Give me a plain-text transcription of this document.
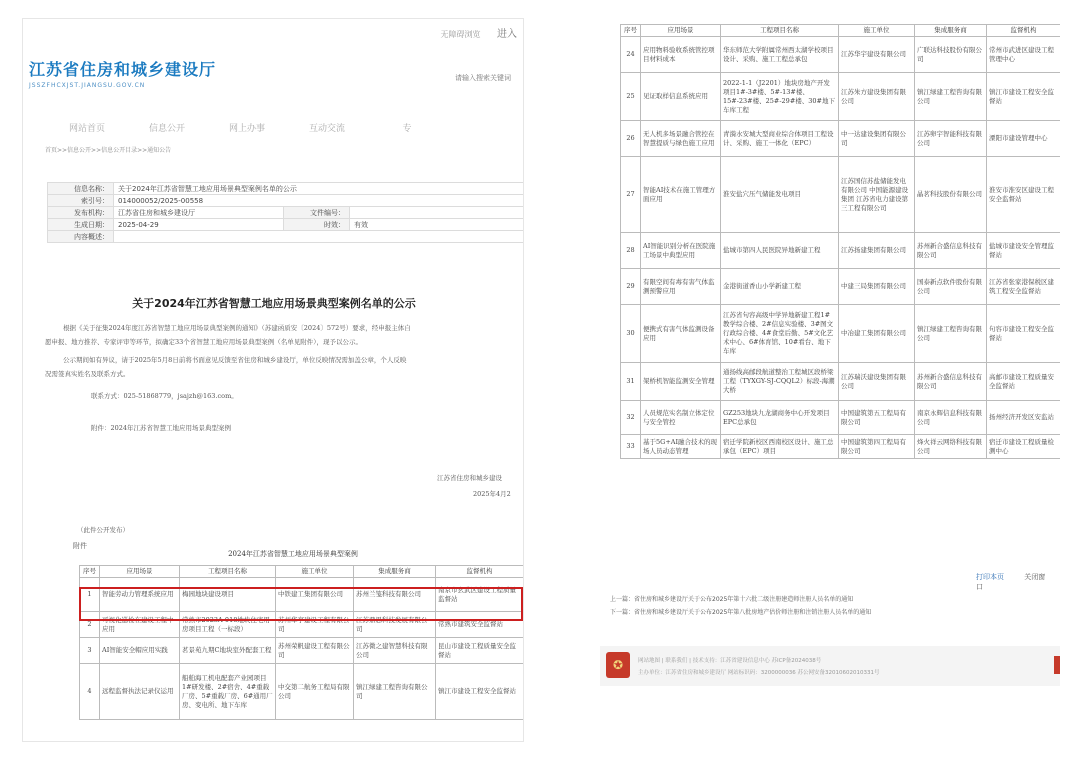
无障碍浏览 进入
江苏省住房和城乡建设厅
JSSZFHCXJST.JIANGSU.GOV.CN
请输入搜索关键词
网站首页	信息公开	网上办事	互动交流	专
首页>>信息公开>>信息公开目录>>通知公告
信息名称：	关于2024年江苏省智慧工地应用场景典型案例名单的公示		
索引号：	014000052/2025-00558		
发布机构：	江苏省住房和城乡建设厅	文件编号：	
生成日期：	2025-04-29	时效：	有效
内容概述：			
关于2024年江苏省智慧工地应用场景典型案例名单的公示
根据《关于征集2024年度江苏省智慧工地应用场景典型案例的通知》（苏建函质安〔2024〕572号）要求，经申报主体自
愿申报、地方推荐、专家评审等环节，拟确定33个省智慧工地应用场景典型案例（名单见附件），现予以公示。
公示期间如有异议，请于2025年5月8日前将书面意见反馈至省住房和城乡建设厅，单位反映情况需加盖公章，个人反映
况需签真实姓名及联系方式。
联系方式：025-51868779，jsajzh@163.com。
附件：2024年江苏省智慧工地应用场景典型案例
江苏省住房和城乡建设
2025年4月2
（此件公开发布）
附件
2024年江苏省智慧工地应用场景典型案例
序号	应用场景	工程项目名称	施工单位	集成服务商	监督机构
1	智能劳动力管理系统应用	梅园地块建设项目	中铁建工集团有限公司	苏州兰笺科技有限公司	南京市玄武区建设工程质量监督站
2	可视化巡检在建设工程中应用	常熟市2023A-018地块住宅用房项目工程（一标段）	苏州华亭建设工程有限公司	江苏鼎思科技发展有限公司	常熟市建筑安全监督站
3	AI智能安全帽应用实践	茗景苑九期C地块室外配套工程	苏州荣帆建设工程有限公司	江苏微之建智慧科技有限公司	昆山市建设工程质量安全监督站
4	远程监督执法记录仪运用	船舶海工机电配套产业园项目1#研发楼、2#宿舍、4#重载厂房、5#重载厂房、6#通用厂房、变电所、地下车库	中交第二航务工程局有限公司	镇江绿建工程咨询有限公司	镇江市建设工程安全监督站
序号	应用场景	工程项目名称	施工单位	集成服务商	监督机构
24	应用物料验收系统管控项目材料成本	华东师范大学附属常州西太湖学校项目设计、采购、施工工程总承包	江苏华宇建设有限公司	广联达科技股份有限公司	常州市武进区建设工程管理中心
25	见证取样信息系统应用	2022-1-1（J2201）地块房地产开发项目1#-3#楼、5#-13#楼、15#-23#楼、25#-29#楼、30#地下车库工程	江苏朱方建设集团有限公司	镇江绿建工程咨询有限公司	镇江市建设工程安全监督站
26	无人机多场景融合管控在智慧提质与绿色施工应用	青漪水安城大型商业综合体项目工程设计、采购、施工一体化（EPC）	中一达建设集团有限公司	江苏卵宇智能科技有限公司	溧阳市建设管理中心
27	智能AI技术在施工管理方面应用	淮安盐穴压气储能发电项目	江苏国信苏盐储能发电有限公司 中国能源建设集团 江苏省电力建设第三工程有限公司	晶茗科技股份有限公司	淮安市淮安区建设工程安全监督站
28	AI智能识别分析在医院施工场景中典型应用	盐城市第四人民医院异地新建工程	江苏扬建集团有限公司	苏州新合盛信息科技有限公司	盐城市建设安全管理监督站
29	有限空间有毒有害气体监测预警应用	金港街道香山小学新建工程	中建三局集团有限公司	国泰新点软件股份有限公司	江苏省张家港保税区建筑工程安全监督站
30	便携式有害气体监测设备应用	江苏省句容高级中学异地新建工程1#教学综合楼、2#信息实验楼、3#图文行政综合楼、4#食堂后勤、5#文化艺术中心、6#体育馆、10#看台、地下车库	中冶建工集团有限公司	镇江绿建工程咨询有限公司	句容市建设工程安全监督站
31	架桥机智能监测安全管理	通扬线高邮段航道整治工程城区段桥梁工程（TYXGY-SJ-CQQL2）标段-海潮大桥	江苏瑞沃建设集团有限公司	苏州新合盛信息科技有限公司	高邮市建设工程质量安全监督站
32	人员规范实名制立体定位与安全管控	GZ253地块九龙湖商务中心开发项目EPC总承包	中国建筑第五工程局有限公司	南京永辉信息科技有限公司	扬州经济开发区安监站
33	基于5G+AI融合技术的现场人员动态管理	宿迁学院新校区西南校区设计、施工总承包（EPC）项目	中国建筑第四工程局有限公司	烽火祥云网络科技有限公司	宿迁市建设工程质量检测中心
打印本页	关闭窗口
上一篇：省住房和城乡建设厅关于公布2025年第十六批二级注册建造师注册人员名单的通知
下一篇：省住房和城乡建设厅关于公布2025年第八批房地产估价师注册和注销注册人员名单的通知
✪	网站地图 | 联系我们 | 技术支持：江苏省建设信息中心 苏ICP备2024038号
主办单位：江苏省住房和城乡建设厅 网站标识码：3200000036 苏公网安备32010602010331号
